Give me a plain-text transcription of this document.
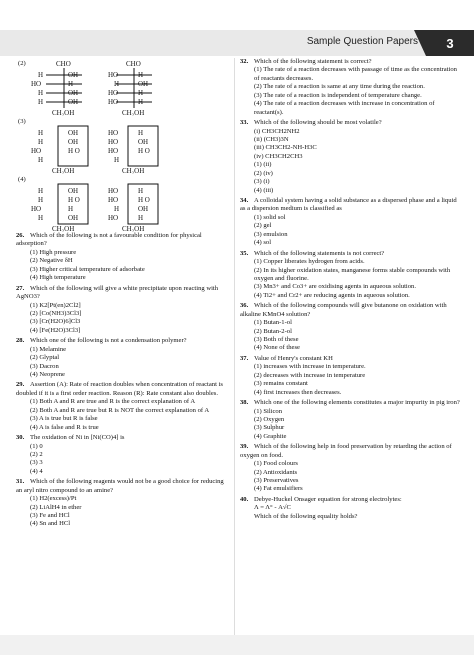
Sample Question Papers	3
(2)	CHO	CHO
H	OH
HO	H
H	OH
H	OH
HO	H
H	OH
HO	H
HO	H
CH₂OH	CH₂OH
(3)
H	OH
H	OH
HO	H O
H
HO	H
HO	OH
HO	H O
H
CH₂OH	CH₂OH
(4)
H	OH
H	H O
HO	H
H	OH
HO	H
HO	H O
H	OH
HO	H
CH₂OH	CH₂OH
26. Which of the following is not a favourable condition for physical adsorption?
(1) High pressure
(2) Negative δH
(3) Higher critical temperature of adsorbate
(4) High temperature
27. Which of the following will give a white precipitate upon reacting with AgNO3?
(1) K2[Pt(en)2Cl2]
(2) [Co(NH3)3Cl3]
(3) [Cr(H2O)6]Cl3
(4) [Fe(H2O)3Cl3]
28. Which one of the following is not a condensation polymer?
(1) Melamine
(2) Glyptal
(3) Dacron
(4) Neoprene
29. Assertion (A): Rate of reaction doubles when concentration of reactant is doubled if it is a first order reaction. Reason (R): Rate constant also doubles.
(1) Both A and R are true and R is the correct explanation of A
(2) Both A and R are true but R is NOT the correct explanation of A
(3) A is true but R is false
(4) A is false and R is true
30. The oxidation of Ni in [Ni(CO)4] is
(1) 0
(2) 2
(3) 3
(4) 4
31. Which of the following reagents would not be a good choice for reducing an aryl nitro compound to an amine?
(1) H2(excess)/Pt
(2) LiAlH4 in ether
(3) Fe and HCl
(4) Sn and HCl
32. Which of the following statement is correct?
(1) The rate of a reaction decreases with passage of time as the concentration of reactants decreases.
(2) The rate of a reaction is same at any time during the reaction.
(3) The rate of a reaction is independent of temperature change.
(4) The rate of a reaction decreases with increase in concentration of reactant(s).
33. Which of the following should be most volatile?
(i) CH3CH2NH2
(ii) (CH3)3N
(iii) CH3CH2-NH-H3C
(iv) CH3CH2CH3
(1) (ii)
(2) (iv)
(3) (i)
(4) (iii)
34. A colloidal system having a solid substance as a dispersed phase and a liquid as a dispersion medium is classified as
(1) solid sol
(2) gel
(3) emulsion
(4) sol
35. Which of the following statements is not correct?
(1) Copper liberates hydrogen from acids.
(2) In its higher oxidation states, manganese forms stable compounds with oxygen and fluorine.
(3) Mn3+ and Co3+ are oxidising agents in aqueous solution.
(4) Ti2+ and Cr2+ are reducing agents in aqueous solution.
36. Which of the following compounds will give butanone on oxidation with alkaline KMnO4 solution?
(1) Butan-1-ol
(2) Butan-2-ol
(3) Both of these
(4) None of these
37. Value of Henry's constant KH
(1) increases with increase in temperature.
(2) decreases with increase in temperature
(3) remains constant
(4) first increases then decreases.
38. Which one of the following elements constitutes a major impurity in pig iron?
(1) Silicon
(2) Oxygen
(3) Sulphur
(4) Graphite
39. Which of the following help in food preservation by retarding the action of oxygen on food.
(1) Food colours
(2) Antioxidants
(3) Preservatives
(4) Fat emulsifiers
40. Debye-Huckel Onsager equation for strong electrolytes:
Λ = Λ° - A√C
Which of the following equality holds?
